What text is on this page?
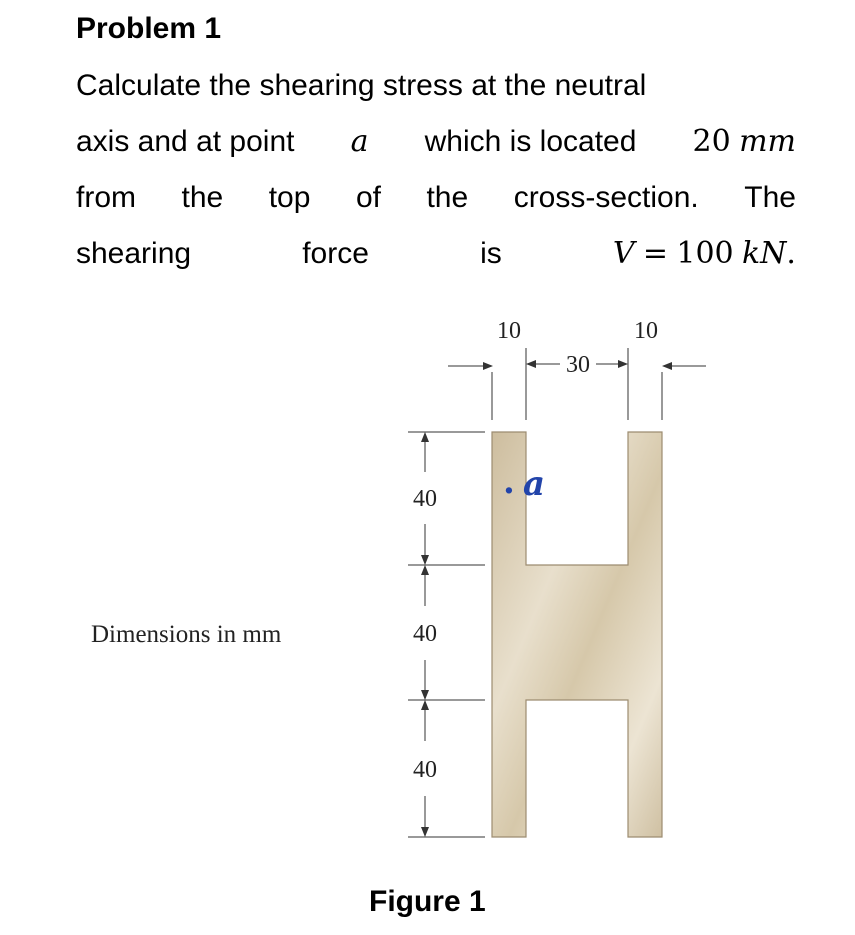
Problem 1
Calculate the shearing stress at the neutral
axis and at point a which is located 20 mm
from the top of the cross-section. The
shearing	force	is	V = 100 kN.
10
30
10
40
40
40
Dimensions in mm
. a
Figure 1
